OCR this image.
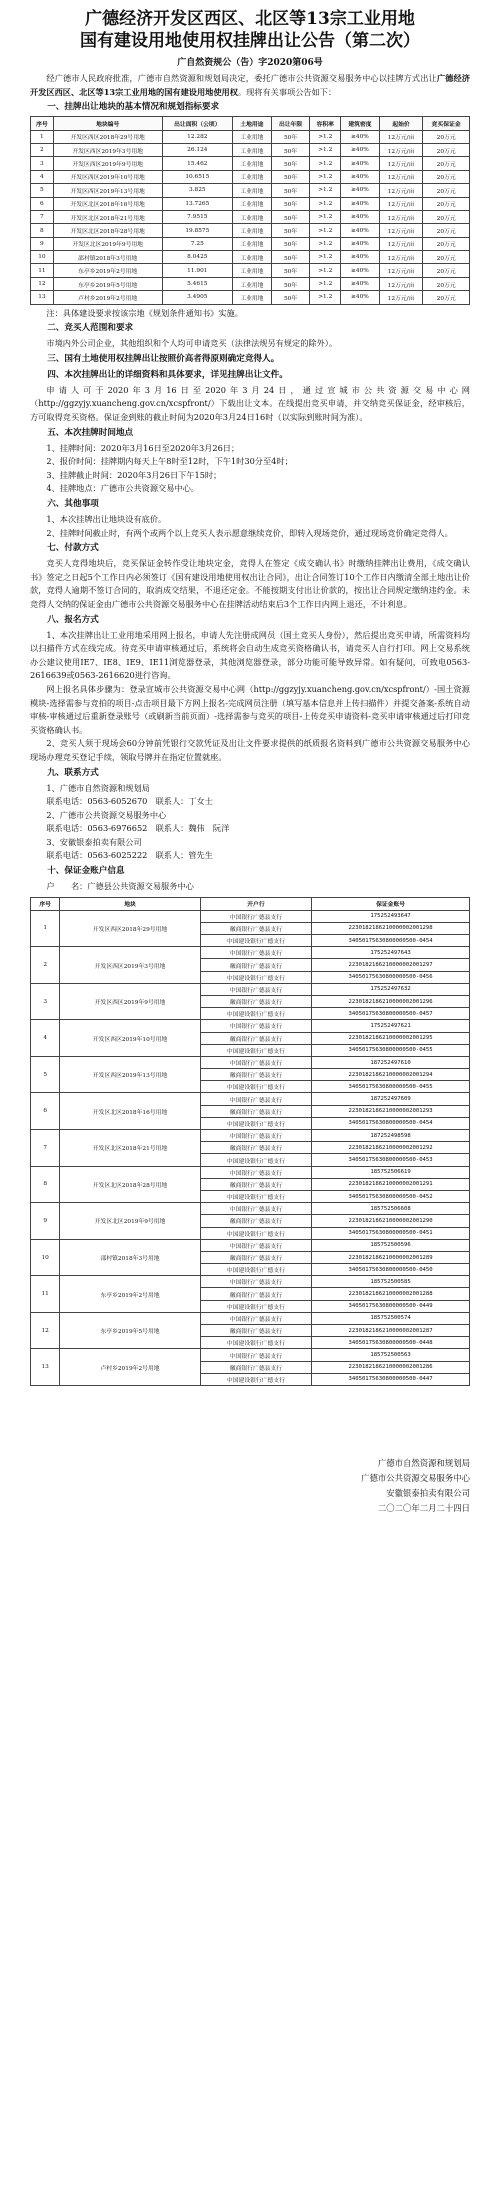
广德经济开发区西区、北区等13宗工业用地
国有建设用地使用权挂牌出让公告（第二次）
广自然资规公（告）字2020第06号

经广德市人民政府批准，广德市自然资源和规划局决定，委托广德市公共资源交易服务中心以挂牌方式出让广德经济开发区西区、北区等13宗工业用地的国有建设用地使用权。现将有关事项公告如下：

一、挂牌出让地块的基本情况和规划指标要求
序号	地块编号	出让面积（公顷）	土地用途	出让年限	容积率	建筑密度	起始价	竞买保证金
1	开发区西区2018年29号用地	12.282	工业用地	50年	>1.2	≥40%	12万元/亩	20万元
2	开发区西区2019年3号用地	26.124	工业用地	50年	>1.2	≥40%	12万元/亩	20万元
3	开发区西区2019年9号用地	15.462	工业用地	50年	>1.2	≥40%	12万元/亩	20万元
4	开发区西区2019年10号用地	10.6515	工业用地	50年	>1.2	≥40%	12万元/亩	20万元
5	开发区西区2019年13号用地	3.825	工业用地	50年	>1.2	≥40%	12万元/亩	20万元
6	开发区北区2018年16号用地	13.7265	工业用地	50年	>1.2	≥40%	12万元/亩	20万元
7	开发区北区2018年21号用地	7.9515	工业用地	50年	>1.2	≥40%	12万元/亩	20万元
8	开发区北区2018年28号用地	19.8575	工业用地	50年	>1.2	≥40%	12万元/亩	20万元
9	开发区北区2019年9号用地	7.25	工业用地	50年	>1.2	≥40%	12万元/亩	20万元
10	邵村镇2018年3号用地	8.0425	工业用地	50年	>1.2	≥40%	12万元/亩	20万元
11	东亭乡2019年2号用地	11.901	工业用地	50年	>1.2	≥40%	12万元/亩	20万元
12	东亭乡2019年5号用地	5.4615	工业用地	50年	>1.2	≥40%	12万元/亩	20万元
13	卢村乡2019年2号用地	3.4905	工业用地	50年	>1.2	≥40%	12万元/亩	20万元

注：具体建设要求按该宗地《规划条件通知书》实施。

二、竞买人范围和要求

市境内外公司企业，其他组织和个人均可申请竞买（法律法规另有规定的除外）。

三、国有土地使用权挂牌出让按照价高者得原则确定竞得人。
四、本次挂牌出让的详细资料和具体要求，详见挂牌出让文件。

申请人可于2020年3月16日至2020年3月24日，通过宣城市公共资源交易中心网（http://ggzyjy.xuancheng.gov.cn/xcspfront/）下载出让文本。在线提出竞买申请，并交纳竞买保证金，经审核后，方可取得竞买资格。保证金到账的截止时间为2020年3月24日16时（以实际到账时间为准）。

五、本次挂牌时间地点

1、挂牌时间：2020年3月16日至2020年3月26日；

2、报价时间：挂牌期内每天上午8时至12时，下午1时30分至4时；

3、挂牌截止时间：2020年3月26日下午15时；

4、挂牌地点：广德市公共资源交易中心。

六、其他事项

1、本次挂牌出让地块设有底价。

2、挂牌时间截止时，有两个或两个以上竞买人表示愿意继续竞价，即转入现场竞价，通过现场竞价确定竞得人。

七、付款方式

竞买人竞得地块后，竞买保证金转作受让地块定金，竞得人在签定《成交确认书》时缴纳挂牌出让费用，《成交确认书》签定之日起5个工作日内必须签订《国有建设用地使用权出让合同》，出让合同签订10个工作日内缴清全部土地出让价款，竞得人逾期不签订合同的，取消成交结果，不退还定金。不能按期支付出让价款的，按出让合同规定缴纳违约金。未竞得人交纳的保证金由广德市公共资源交易服务中心在挂牌活动结束后3个工作日内网上退还，不计利息。

八、报名方式

1、本次挂牌出让工业用地采用网上报名，申请人先注册成网员（国土竞买人身份），然后提出竞买申请，所需资料均以扫描件方式在线完成。待竞买申请审核通过后，系统将会自动生成竞买资格确认书，请竞买人自行打印。网上交易系统办公建议使用IE7、IE8、IE9、IE11浏览器登录，其他浏览器登录，部分功能可能导致异常。如有疑问，可致电0563-2616639或0563-2616620进行咨询。

网上报名具体步骤为：登录宣城市公共资源交易中心网（http://ggzyjy.xuancheng.gov.cn/xcspfront/）-国土资源模块-选择需参与竞拍的项目-点击项目最下方网上报名-完成网员注册（填写基本信息并上传扫描件）并提交备案-系统自动审核-审核通过后重新登录账号（或刷新当前页面）-选择需参与竞买的项目-上传竞买申请资料-竞买申请审核通过后打印竞买资格确认书。

2、竞买人须于现场会60分钟前凭银行交款凭证及出让文件要求提供的纸质报名资料到广德市公共资源交易服务中心现场办理竞买登记手续，领取号牌并在指定位置就座。

九、联系方式

1、广德市自然资源和规划局

联系电话：0563-6052670　联系人：丁女士

2、广德市公共资源交易服务中心

联系电话：0563-6976652　联系人：魏伟　阮洋

3、安徽银泰拍卖有限公司

联系电话：0563-6025222　联系人：管先生

十、保证金账户信息

户　　名：广德县公共资源交易服务中心

序号	地块	开户行	保证金账号
1	开发区西区2018年29号用地	中国银行广德县支行	175252493647
		徽商银行广德县支行	2230182186210000002001298
		中国建设银行广德支行	34050175630800000500-0454
2	开发区西区2019年3号用地	中国银行广德县支行	175252497643
		徽商银行广德县支行	2230182186210000002001297
		中国建设银行广德支行	34050175630800000500-0456
3	开发区西区2019年9号用地	中国银行广德县支行	175252497632
		徽商银行广德县支行	2230182186210000002001296
		中国建设银行广德支行	34050175630800000500-0457
4	开发区西区2019年10号用地	中国银行广德县支行	175252497621
		徽商银行广德县支行	2230182186210000002001295
		中国建设银行广德支行	34050175630800000500-0455
5	开发区西区2019年13号用地	中国银行广德县支行	187252497610
		徽商银行广德县支行	2230182186210000002001294
		中国建设银行广德支行	34050175630800000500-0455
6	开发区北区2018年16号用地	中国银行广德县支行	187252497609
		徽商银行广德县支行	2230182186210000002001293
		中国建设银行广德支行	34050175630800000500-0454
7	开发区北区2018年21号用地	中国银行广德县支行	187252498598
		徽商银行广德县支行	2230182186210000002001292
		中国建设银行广德支行	34050175630800000500-0453
8	开发区北区2018年28号用地	中国银行广德县支行	185752506619
		徽商银行广德县支行	2230182186210000002001291
		中国建设银行广德支行	34050175630800000500-0452
9	开发区北区2019年9号用地	中国银行广德县支行	185752506608
		徽商银行广德县支行	2230182186210000002001290
		中国建设银行广德支行	34050175630800000500-0451
10	邵村镇2018年3号用地	中国银行广德县支行	185752500596
		徽商银行广德县支行	2230182186210000002001289
		中国建设银行广德支行	34050175630800000500-0450
11	东亭乡2019年2号用地	中国银行广德县支行	185752500585
		徽商银行广德县支行	2230182186210000002001288
		中国建设银行广德支行	34050175630800000500-0449
12	东亭乡2019年5号用地	中国银行广德县支行	185752500574
		徽商银行广德县支行	2230182186210000002001287
		中国建设银行广德支行	34050175630800000500-0448
13	卢村乡2019年2号用地	中国银行广德县支行	185752500563
		徽商银行广德县支行	2230182186210000002001286
		中国建设银行广德支行	34050175630800000500-0447
广德市自然资源和规划局
广德市公共资源交易服务中心
安徽银泰拍卖有限公司
二〇二〇年二月二十四日
